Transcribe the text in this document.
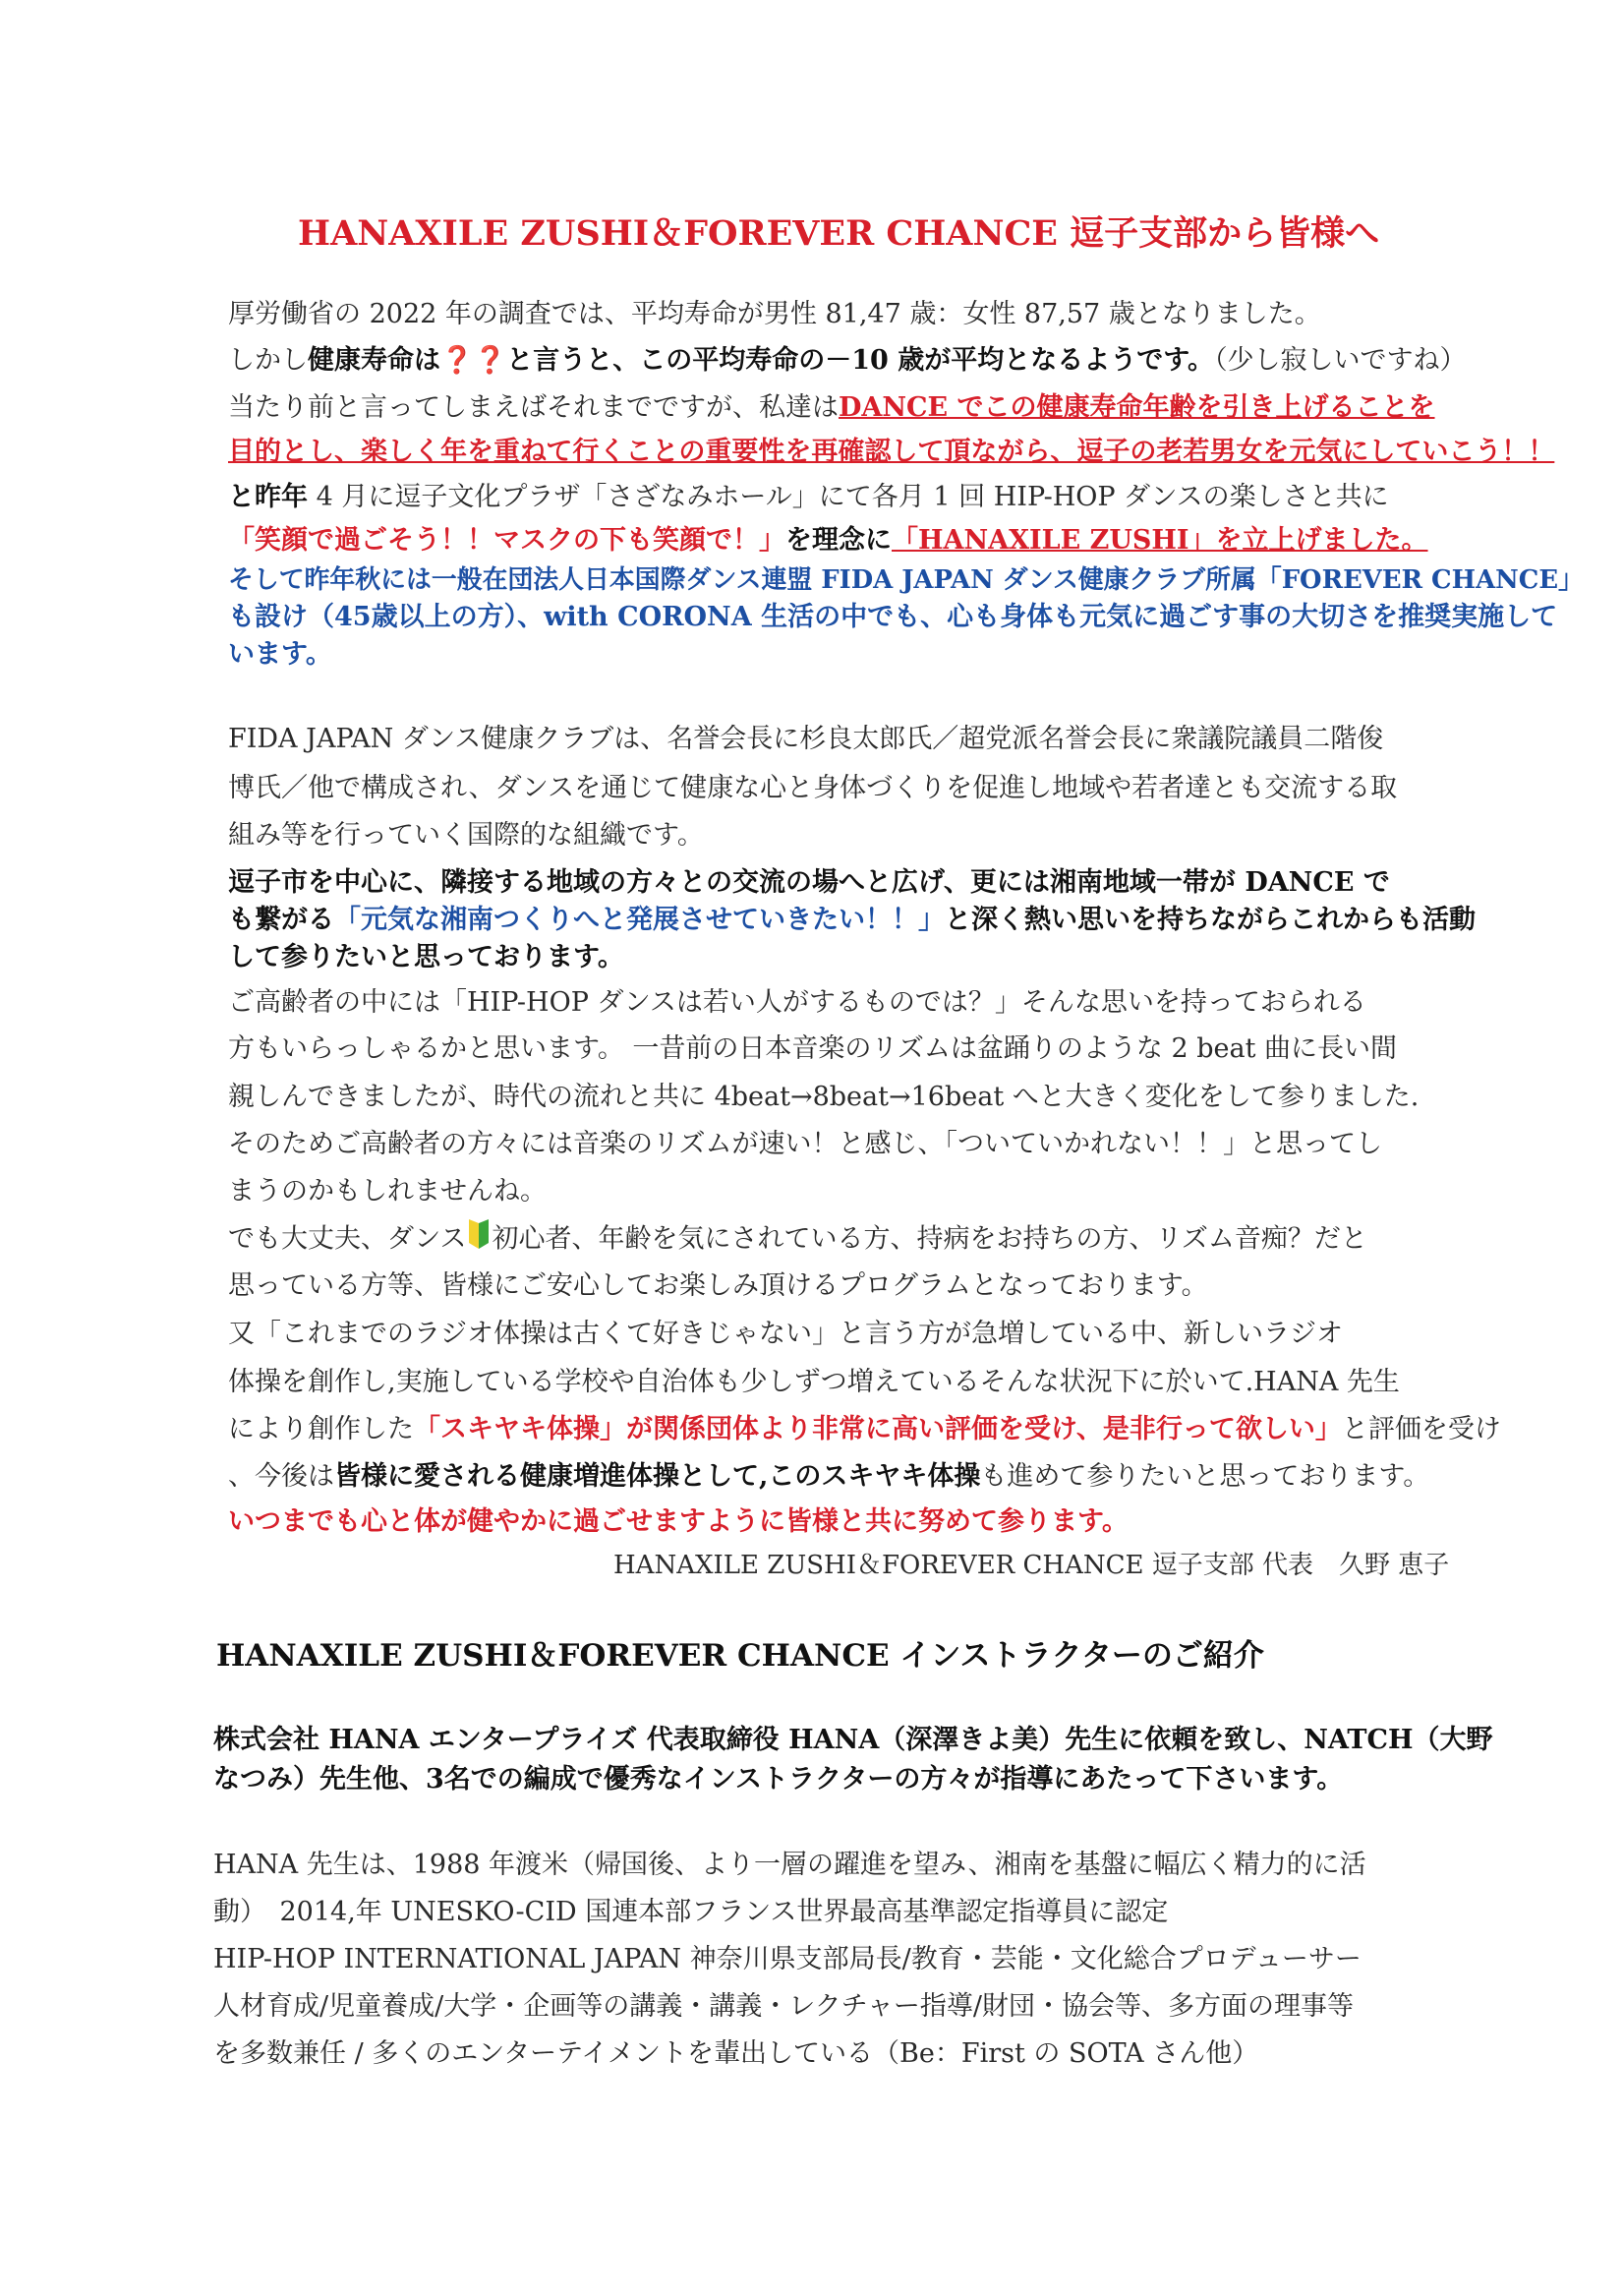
HANAXILE ZUSHI＆FOREVER CHANCE 逗子支部から皆様へ
厚労働省の 2022 年の調査では、平均寿命が男性 81,47 歳：女性 87,57 歳となりました。
しかし健康寿命は❓❓と言うと、この平均寿命の－10 歳が平均となるようです。（少し寂しいですね）
当たり前と言ってしまえばそれまでですが、私達はDANCE でこの健康寿命年齢を引き上げることを
目的とし、楽しく年を重ねて行くことの重要性を再確認して頂ながら、逗子の老若男女を元気にしていこう！！
と昨年 4 月に逗子文化プラザ「さざなみホール」にて各月 1 回 HIP-HOP ダンスの楽しさと共に
「笑顔で過ごそう！！マスクの下も笑顔で！」を理念に「HANAXILE ZUSHI」を立上げました。
そして昨年秋には一般在団法人日本国際ダンス連盟 FIDA JAPAN ダンス健康クラブ所属「FOREVER CHANCE」
も設け（45歳以上の方）、with CORONA 生活の中でも、心も身体も元気に過ごす事の大切さを推奨実施して
います。
FIDA JAPAN ダンス健康クラブは、名誉会長に杉良太郎氏／超党派名誉会長に衆議院議員二階俊
博氏／他で構成され、ダンスを通じて健康な心と身体づくりを促進し地域や若者達とも交流する取
組み等を行っていく国際的な組織です。
逗子市を中心に、隣接する地域の方々との交流の場へと広げ、更には湘南地域一帯が DANCE で
も繋がる「元気な湘南つくりへと発展させていきたい！！」と深く熱い思いを持ちながらこれからも活動
して参りたいと思っております。
ご高齢者の中には「HIP-HOP ダンスは若い人がするものでは？」そんな思いを持っておられる
方もいらっしゃるかと思います。 一昔前の日本音楽のリズムは盆踊りのような 2 beat 曲に長い間
親しんできましたが、時代の流れと共に 4beat→8beat→16beat へと大きく変化をして参りました.
そのためご高齢者の方々には音楽のリズムが速い！と感じ、「ついていかれない！！」と思ってし
まうのかもしれませんね。
でも大丈夫、ダンス 初心者、年齢を気にされている方、持病をお持ちの方、リズム音痴？だと
思っている方等、皆様にご安心してお楽しみ頂けるプログラムとなっております。
又「これまでのラジオ体操は古くて好きじゃない」と言う方が急増している中、新しいラジオ
体操を創作し,実施している学校や自治体も少しずつ増えているそんな状況下に於いて.HANA 先生
により創作した「スキヤキ体操」が関係団体より非常に高い評価を受け、是非行って欲しい」と評価を受け
、今後は皆様に愛される健康増進体操として,このスキヤキ体操も進めて参りたいと思っております。
いつまでも心と体が健やかに過ごせますように皆様と共に努めて参ります。
HANAXILE ZUSHI＆FOREVER CHANCE 逗子支部 代表　久野 恵子
HANAXILE ZUSHI＆FOREVER CHANCE インストラクターのご紹介
株式会社 HANA エンタープライズ 代表取締役 HANA（深澤きよ美）先生に依頼を致し、NATCH（大野
なつみ）先生他、3名での編成で優秀なインストラクターの方々が指導にあたって下さいます。
HANA 先生は、1988 年渡米（帰国後、より一層の躍進を望み、湘南を基盤に幅広く精力的に活
動）　2014,年 UNESKO-CID 国連本部フランス世界最高基準認定指導員に認定
HIP-HOP INTERNATIONAL JAPAN 神奈川県支部局長/教育・芸能・文化総合プロデューサー
人材育成/児童養成/大学・企画等の講義・講義・レクチャー指導/財団・協会等、多方面の理事等
を多数兼任 / 多くのエンターテイメントを輩出している（Be：First の SOTA さん他）
